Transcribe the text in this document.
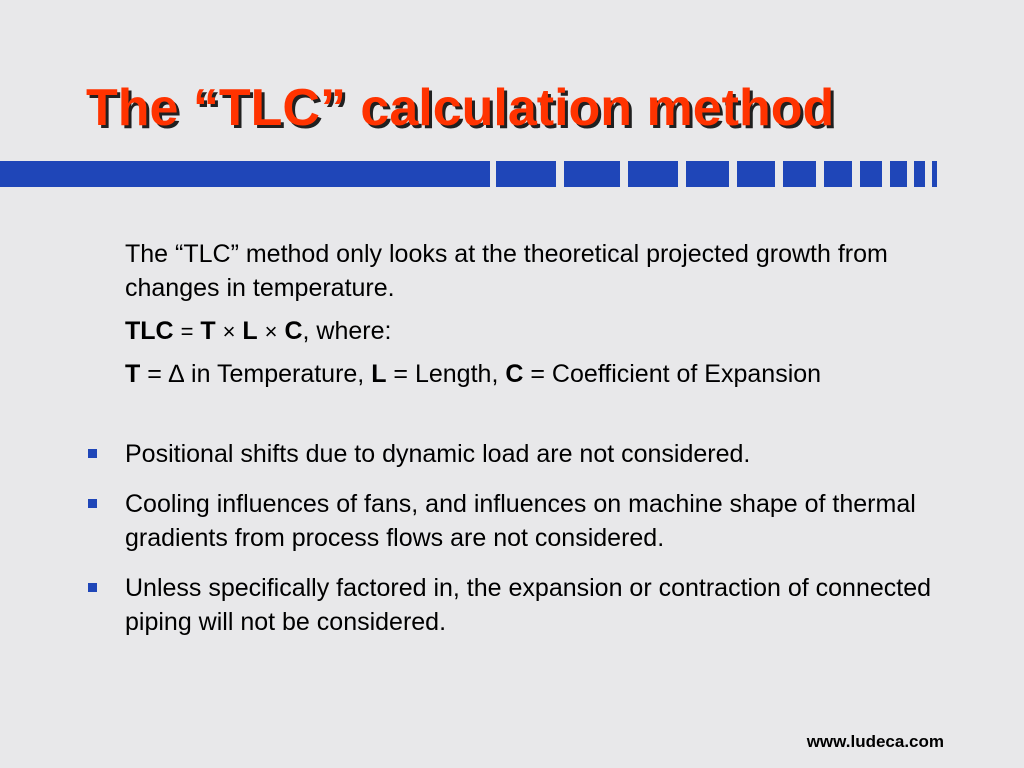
The “TLC” calculation method

The “TLC” method only looks at the theoretical projected growth from changes in temperature.

TLC = T × L × C, where:

T = ∆ in Temperature, L = Length, C = Coefficient of Expansion

Positional shifts due to dynamic load are not considered.
Cooling influences of fans, and influences on machine shape of thermal gradients from process flows are not considered.
Unless specifically factored in, the expansion or contraction of connected piping will not be considered.
www.ludeca.com
